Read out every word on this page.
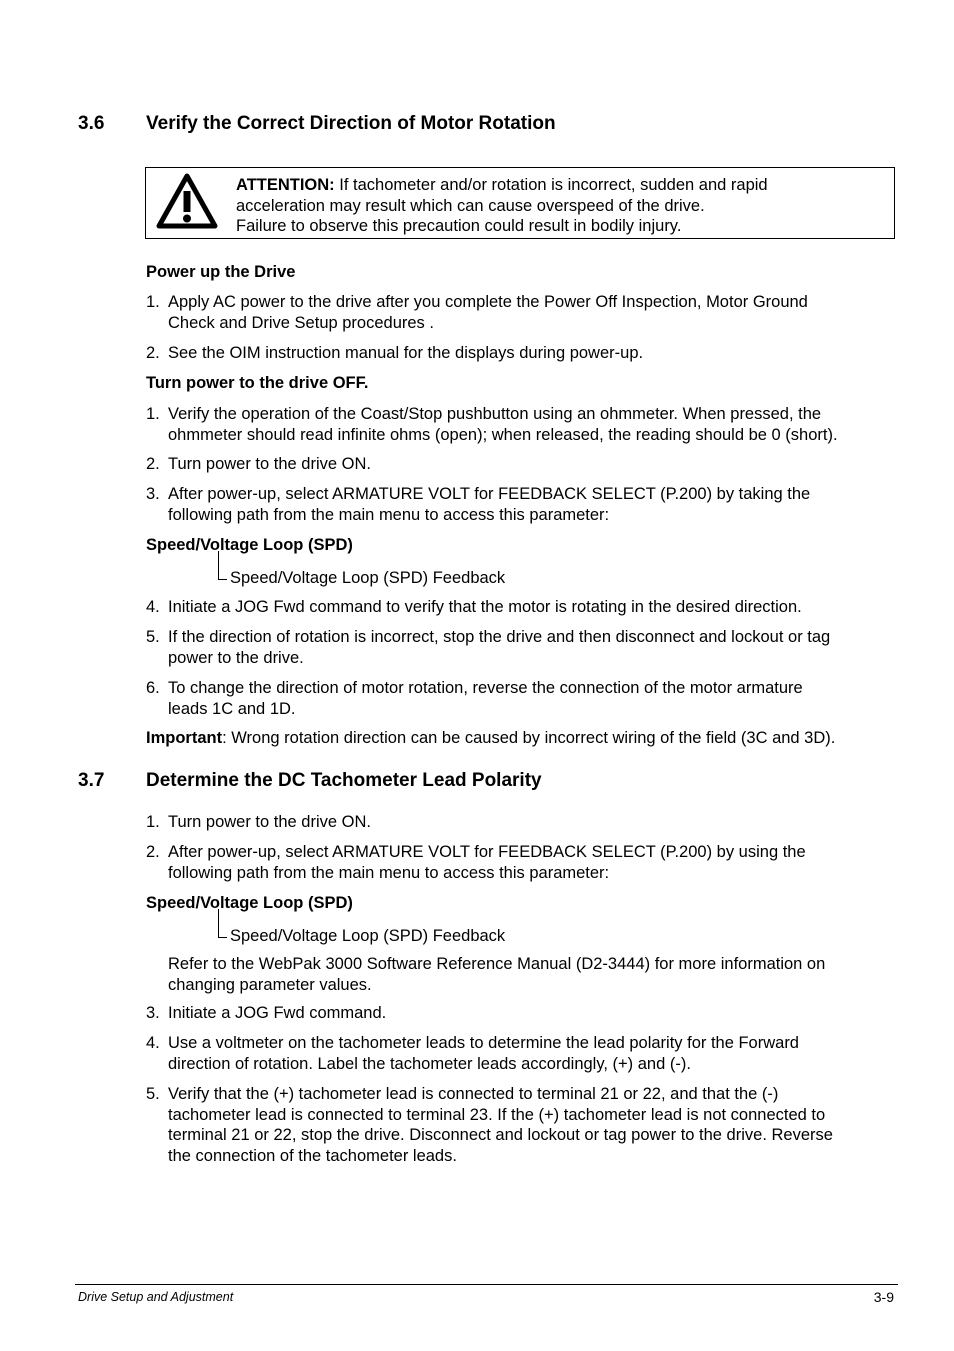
3.6 Verify the Correct Direction of Motor Rotation
ATTENTION: If tachometer and/or rotation is incorrect, sudden and rapid
acceleration may result which can cause overspeed of the drive.
Failure to observe this precaution could result in bodily injury.
Power up the Drive
1. Apply AC power to the drive after you complete the Power Off Inspection, Motor Ground
Check and Drive Setup procedures .
2. See the OIM instruction manual for the displays during power-up.
Turn power to the drive OFF.
1. Verify the operation of the Coast/Stop pushbutton using an ohmmeter. When pressed, the
ohmmeter should read infinite ohms (open); when released, the reading should be 0 (short).
2. Turn power to the drive ON.
3. After power-up, select ARMATURE VOLT for FEEDBACK SELECT (P.200) by taking the
following path from the main menu to access this parameter:
Speed/Voltage Loop (SPD)
Speed/Voltage Loop (SPD) Feedback
4. Initiate a JOG Fwd command to verify that the motor is rotating in the desired direction.
5. If the direction of rotation is incorrect, stop the drive and then disconnect and lockout or tag
power to the drive.
6. To change the direction of motor rotation, reverse the connection of the motor armature
leads 1C and 1D.
Important: Wrong rotation direction can be caused by incorrect wiring of the field (3C and 3D).
3.7 Determine the DC Tachometer Lead Polarity
1. Turn power to the drive ON.
2. After power-up, select ARMATURE VOLT for FEEDBACK SELECT (P.200) by using the
following path from the main menu to access this parameter:
Speed/Voltage Loop (SPD)
Speed/Voltage Loop (SPD) Feedback
Refer to the WebPak 3000 Software Reference Manual (D2-3444) for more information on
changing parameter values.
3. Initiate a JOG Fwd command.
4. Use a voltmeter on the tachometer leads to determine the lead polarity for the Forward
direction of rotation. Label the tachometer leads accordingly, (+) and (-).
5. Verify that the (+) tachometer lead is connected to terminal 21 or 22, and that the (-)
tachometer lead is connected to terminal 23. If the (+) tachometer lead is not connected to
terminal 21 or 22, stop the drive. Disconnect and lockout or tag power to the drive. Reverse
the connection of the tachometer leads.
Drive Setup and Adjustment	3-9
